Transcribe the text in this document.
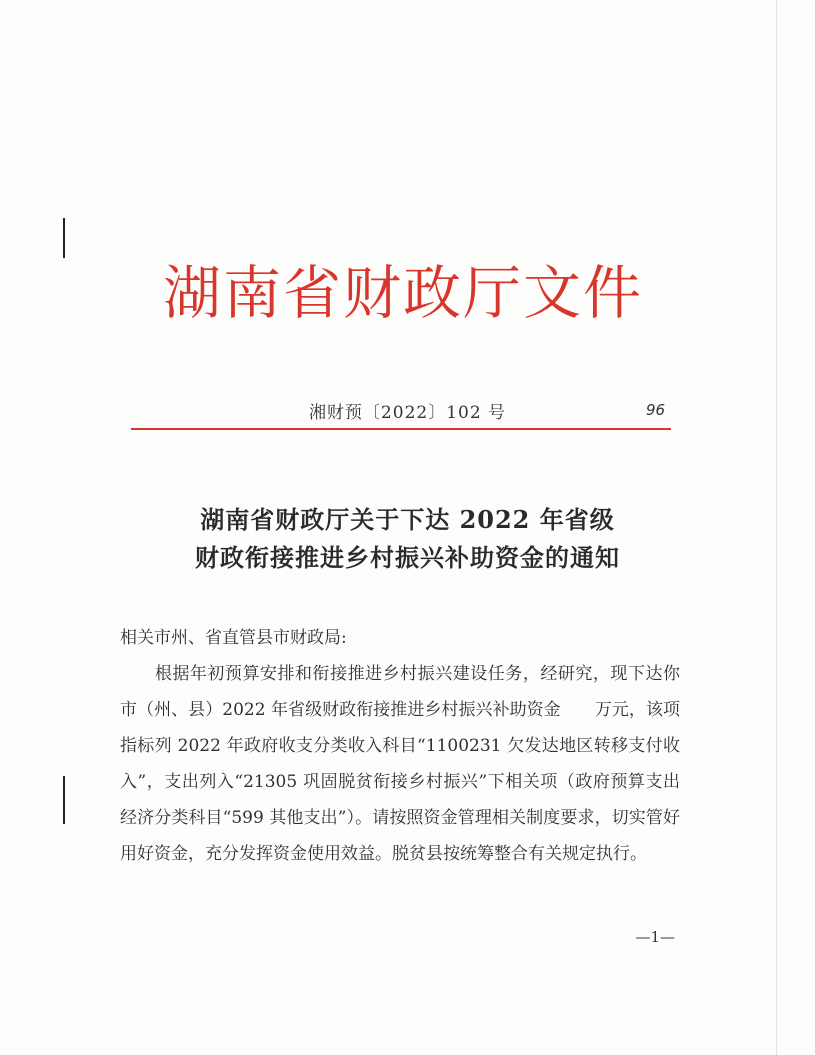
湖南省财政厅文件
湘财预〔2022〕102 号	96
湖南省财政厅关于下达 2022 年省级
财政衔接推进乡村振兴补助资金的通知

相关市州、省直管县市财政局:

根据年初预算安排和衔接推进乡村振兴建设任务，经研究，现下达你市（州、县）2022 年省级财政衔接推进乡村振兴补助资金　　万元，该项指标列 2022 年政府收支分类收入科目“1100231 欠发达地区转移支付收入”，支出列入“21305 巩固脱贫衔接乡村振兴”下相关项（政府预算支出经济分类科目“599 其他支出”）。请按照资金管理相关制度要求，切实管好用好资金，充分发挥资金使用效益。脱贫县按统筹整合有关规定执行。

—1—
